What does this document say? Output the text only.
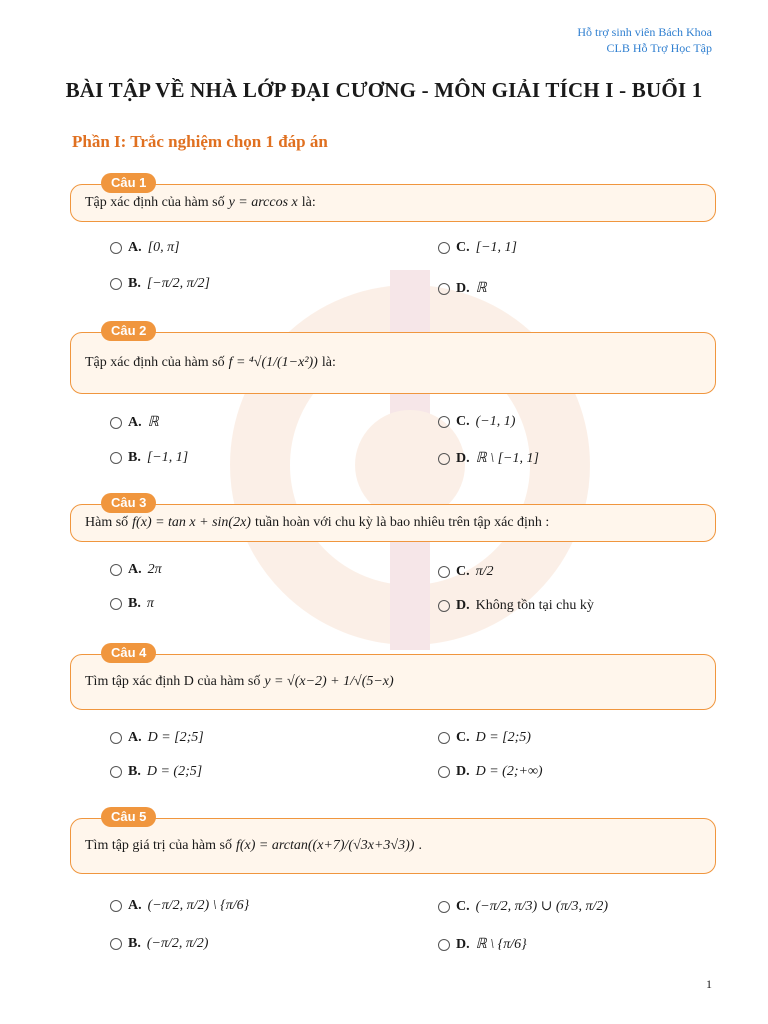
Hỗ trợ sinh viên Bách Khoa
CLB Hỗ Trợ Học Tập
BÀI TẬP VỀ NHÀ LỚP ĐẠI CƯƠNG - MÔN GIẢI TÍCH I - BUỔI 1
Phần I: Trắc nghiệm chọn 1 đáp án
Câu 1
Tập xác định của hàm số y = arccos x là:
A. [0, π]
B. [−π/2, π/2]
C. [−1, 1]
D. ℝ
Câu 2
Tập xác định của hàm số f = ⁴√(1/(1−x²)) là:
A. ℝ
B. [−1, 1]
C. (−1, 1)
D. ℝ \ [−1, 1]
Câu 3
Hàm số f(x) = tan x + sin(2x) tuần hoàn với chu kỳ là bao nhiêu trên tập xác định :
A. 2π
B. π
C. π/2
D. Không tồn tại chu kỳ
Câu 4
Tìm tập xác định D của hàm số y = √(x−2) + 1/√(5−x)
A. D = [2;5]
B. D = (2;5]
C. D = [2;5)
D. D = (2;+∞)
Câu 5
Tìm tập giá trị của hàm số f(x) = arctan((x+7)/(√3x+3√3)) .
A. (−π/2, π/2) \ {π/6}
B. (−π/2, π/2)
C. (−π/2, π/3) ∪ (π/3, π/2)
D. ℝ \ {π/6}
1
